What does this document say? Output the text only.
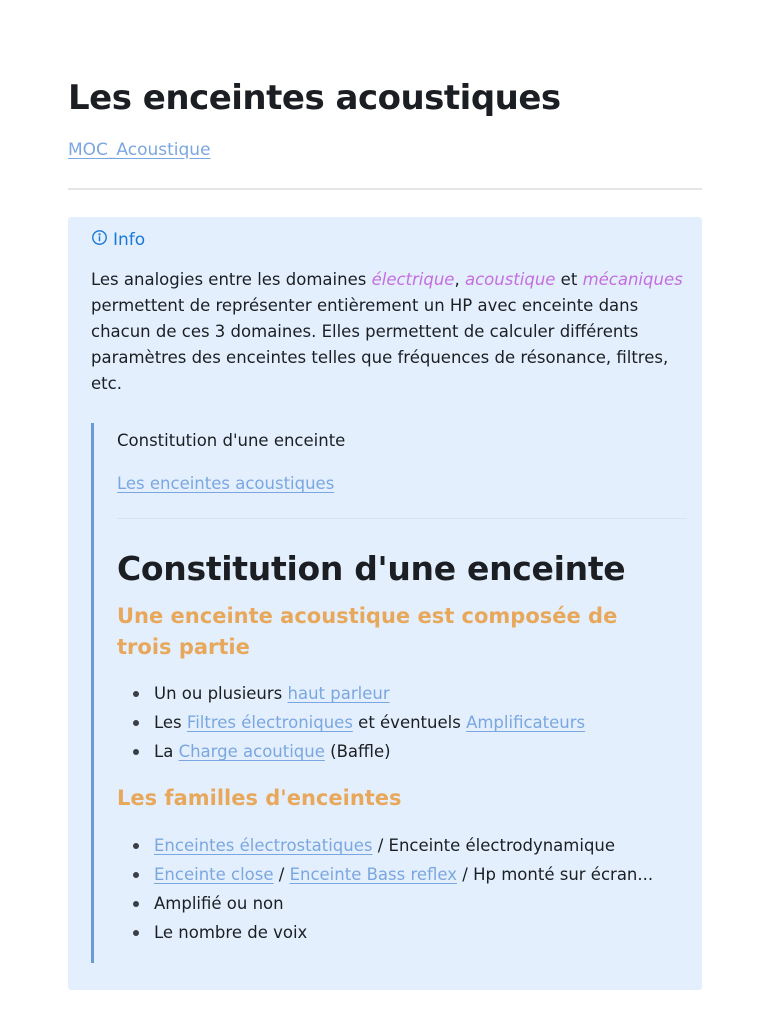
Les enceintes acoustiques
MOC_Acoustique
Info
Les analogies entre les domaines électrique, acoustique et mécaniques permettent de représenter entièrement un HP avec enceinte dans chacun de ces 3 domaines. Elles permettent de calculer différents paramètres des enceintes telles que fréquences de résonance, filtres, etc.
Constitution d'une enceinte
Les enceintes acoustiques
Constitution d'une enceinte
Une enceinte acoustique est composée de trois partie
Un ou plusieurs haut parleur
Les Filtres électroniques et éventuels Amplificateurs
La Charge acoutique (Baffle)
Les familles d'enceintes
Enceintes électrostatiques / Enceinte électrodynamique
Enceinte close / Enceinte Bass reflex / Hp monté sur écran...
Amplifié ou non
Le nombre de voix
